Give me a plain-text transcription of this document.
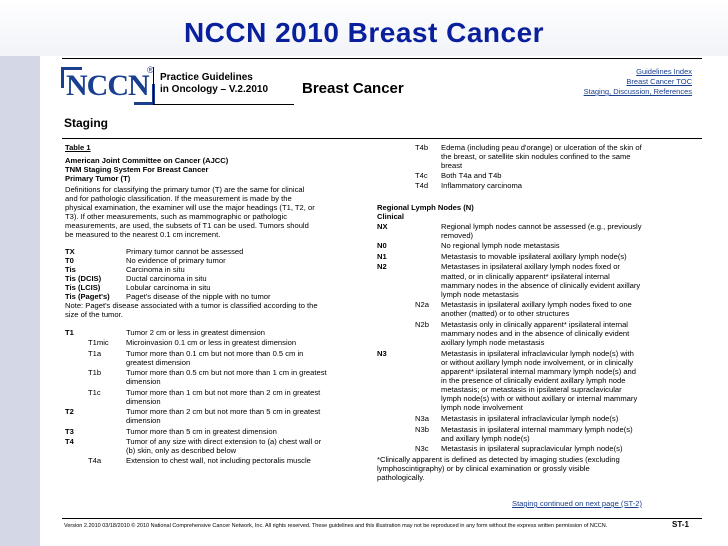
NCCN 2010 Breast Cancer
NCCN
®
Practice Guidelines
in Oncology – V.2.2010 Breast Cancer
Guidelines Index
Breast Cancer TOC
Staging, Discussion, References
Staging
Table 1
American Joint Committee on Cancer (AJCC)
TNM Staging System For Breast Cancer
Primary Tumor (T)
Definitions for classifying the primary tumor (T) are the same for clinical
and for pathologic classification. If the measurement is made by the
physical examination, the examiner will use the major headings (T1, T2, or
T3). If other measurements, such as mammographic or pathologic
measurements, are used, the subsets of T1 can be used. Tumors should
be measured to the nearest 0.1 cm increment.
TX	Primary tumor cannot be assessed
T0	No evidence of primary tumor
Tis	Carcinoma in situ
Tis (DCIS)	Ductal carcinoma in situ
Tis (LCIS)	Lobular carcinoma in situ
Tis (Paget's) Paget's disease of the nipple with no tumor
Note: Paget's disease associated with a tumor is classified according to the
size of the tumor.
T1	Tumor 2 cm or less in greatest dimension
T1mic Microinvasion 0.1 cm or less in greatest dimension
T1a	Tumor more than 0.1 cm but not more than 0.5 cm in
greatest dimension
T1b	Tumor more than 0.5 cm but not more than 1 cm in greatest
dimension
T1c	Tumor more than 1 cm but not more than 2 cm in greatest
dimension
T2	Tumor more than 2 cm but not more than 5 cm in greatest
dimension
T3	Tumor more than 5 cm in greatest dimension
T4	Tumor of any size with direct extension to (a) chest wall or
(b) skin, only as described below
T4a	Extension to chest wall, not including pectoralis muscle
T4b Edema (including peau d'orange) or ulceration of the skin of
the breast, or satellite skin nodules confined to the same
breast
T4c Both T4a and T4b
T4d Inflammatory carcinoma
Regional Lymph Nodes (N)
Clinical
NX	Regional lymph nodes cannot be assessed (e.g., previously
removed)
N0	No regional lymph node metastasis
N1	Metastasis to movable ipsilateral axillary lymph node(s)
N2	Metastases in ipsilateral axillary lymph nodes fixed or
matted, or in clinically apparent* ipsilateral internal
mammary nodes in the absence of clinically evident axillary
lymph node metastasis
N2a Metastasis in ipsilateral axillary lymph nodes fixed to one
another (matted) or to other structures
N2b Metastasis only in clinically apparent* ipsilateral internal
mammary nodes and in the absence of clinically evident
axillary lymph node metastasis
N3	Metastasis in ipsilateral infraclavicular lymph node(s) with
or without axillary lymph node involvement, or in clinically
apparent* ipsilateral internal mammary lymph node(s) and
in the presence of clinically evident axillary lymph node
metastasis; or metastasis in ipsilateral supraclavicular
lymph node(s) with or without axillary or internal mammary
lymph node involvement
N3a Metastasis in ipsilateral infraclavicular lymph node(s)
N3b Metastasis in ipsilateral internal mammary lymph node(s)
and axillary lymph node(s)
N3c Metastasis in ipsilateral supraclavicular lymph node(s)
*Clinically apparent is defined as detected by imaging studies (excluding
lymphoscintigraphy) or by clinical examination or grossly visible
pathologically.
Staging continued on next page (ST-2)
Version 2.2010 03/18/2010 © 2010 National Comprehensive Cancer Network, Inc. All rights reserved. These guidelines and this illustration may not be reproduced in any form without the express written permission of NCCN.	ST-1
